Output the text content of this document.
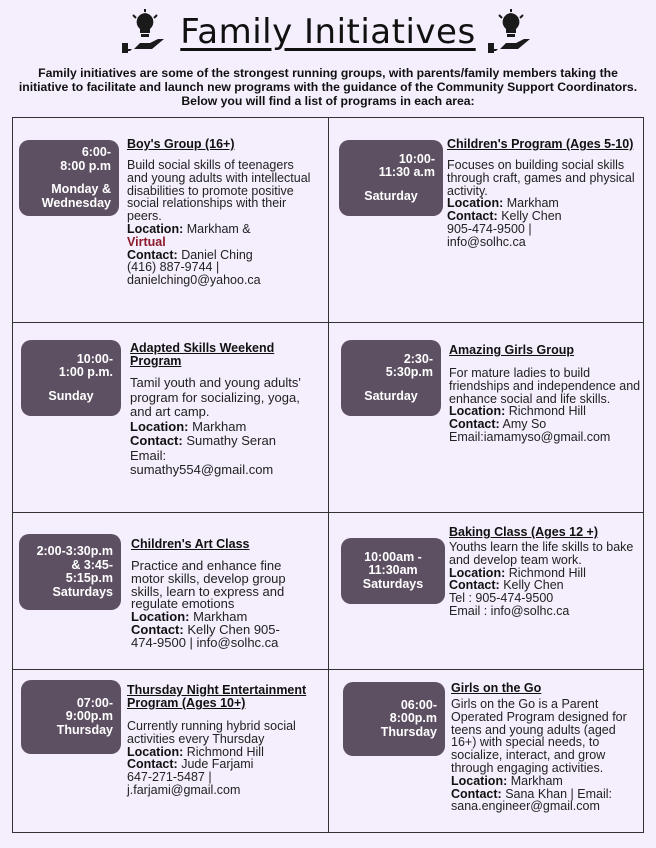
Family Initiatives
Family initiatives are some of the strongest running groups, with parents/family members taking the initiative to facilitate and launch new programs with the guidance of the Community Support Coordinators. Below you will find a list of programs in each area:
6:00-
8:00 p.m
Monday &
Wednesday
Boy's Group (16+)
Build social skills of teenagers and young adults with intellectual disabilities to promote positive social relationships with their peers.
Location: Markham &
Virtual
Contact: Daniel Ching
(416) 887-9744 |
danielching0@yahoo.ca
10:00-
11:30 a.m
Saturday
Children's Program (Ages 5-10)
Focuses on building social skills through craft, games and physical activity.
Location: Markham
Contact: Kelly Chen
905-474-9500 |
info@solhc.ca
10:00-
1:00 p.m.
Sunday
Adapted Skills Weekend Program
Tamil youth and young adults' program for socializing, yoga, and art camp.
Location: Markham
Contact: Sumathy Seran
Email:
sumathy554@gmail.com
2:30-
5:30p.m
Saturday
Amazing Girls Group
For mature ladies to build friendships and independence and enhance social and life skills.
Location: Richmond Hill
Contact: Amy So
Email:iamamyso@gmail.com
2:00-3:30p.m
& 3:45-
5:15p.m
Saturdays
Children's Art Class
Practice and enhance fine motor skills, develop group skills, learn to express and regulate emotions
Location: Markham
Contact: Kelly Chen 905-
474-9500 | info@solhc.ca
10:00am -
11:30am
Saturdays
Baking Class (Ages 12 +)
Youths learn the life skills to bake and develop team work.
Location: Richmond Hill
Contact: Kelly Chen
Tel : 905-474-9500
Email : info@solhc.ca
07:00-
9:00p.m
Thursday
Thursday Night Entertainment Program (Ages 10+)
Currently running hybrid social activities every Thursday
Location: Richmond Hill
Contact: Jude Farjami
647-271-5487 |
j.farjami@gmail.com
06:00-
8:00p.m
Thursday
Girls on the Go
Girls on the Go is a Parent Operated Program designed for teens and young adults (aged 16+) with special needs, to socialize, interact, and grow through engaging activities.
Location: Markham
Contact: Sana Khan | Email:
sana.engineer@gmail.com
